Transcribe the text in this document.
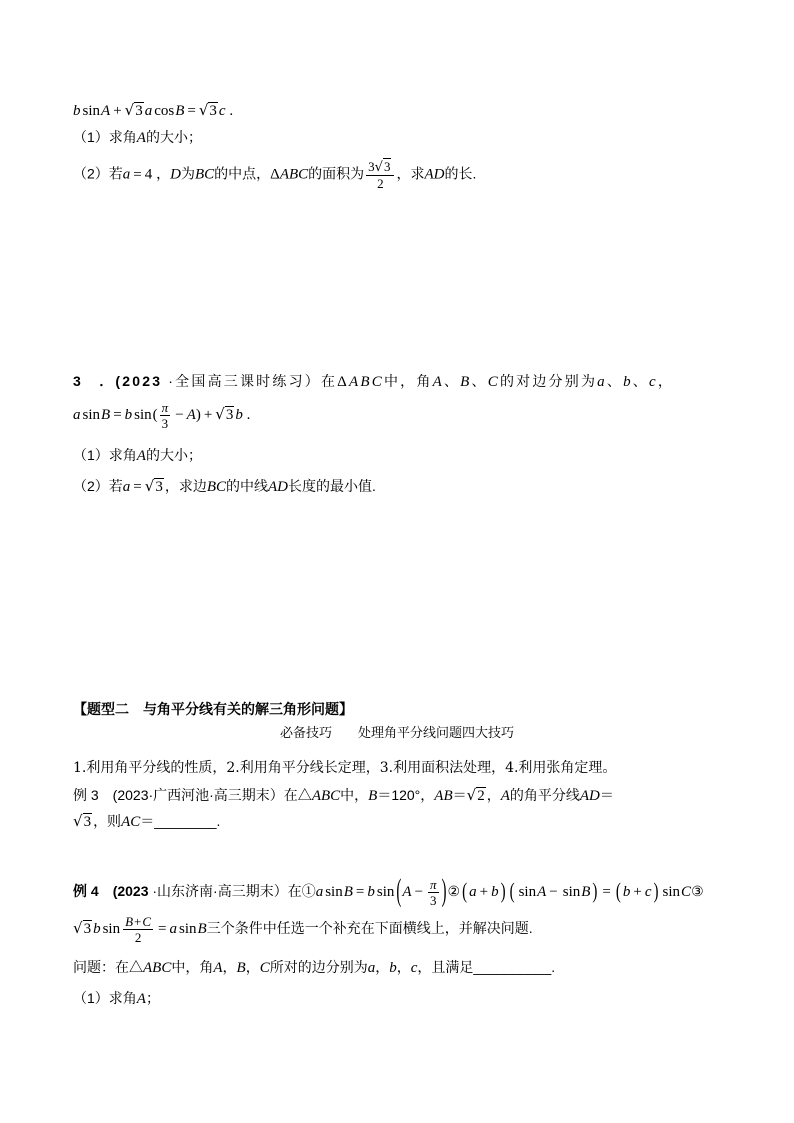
b sinA + √3 a cosB = √3 c .
（1）求角A的大小；
（2）若a = 4 ，D为BC的中点，ΔABC的面积为 $\frac{3√3}{2}$ ，求AD的长.
3　 ．(2023 ·全国高三课时练习）在ΔABC中，角A、B、C的对边分别为a、b、c，
a sinB = b $\sin( \frac{\pi}{3} - A) + √3$ b .
（1）求角A的大小；
（2）若a = √3 ，求边BC的中线AD长度的最小值.
【题型二　与角平分线有关的解三角形问题】
必备技巧 处理角平分线问题四大技巧
1.利用角平分线的性质，2.利用角平分线长定理，3.利用面积法处理，4.利用张角定理。
例 3　(2023·广西河池·高三期末）在△ABC中，B＝120°，AB＝√2 ，A的角平分线AD＝
√3 ，则AC＝________.
例 4　 (2023 ·山东济南·高三期末）在①a sinB = b $\sin (A - \frac{\pi}{3}$ )② ( a + b ) ( sinA − sinB ) = ( b + c ) sinC③
√3 b $\sin \frac{B+C}{2} = a$ sinB三个条件中任选一个补充在下面横线上，并解决问题.
问题：在△ABC中，角A，B，C所对的边分别为a，b，c，且满足__________.
（1）求角A；
